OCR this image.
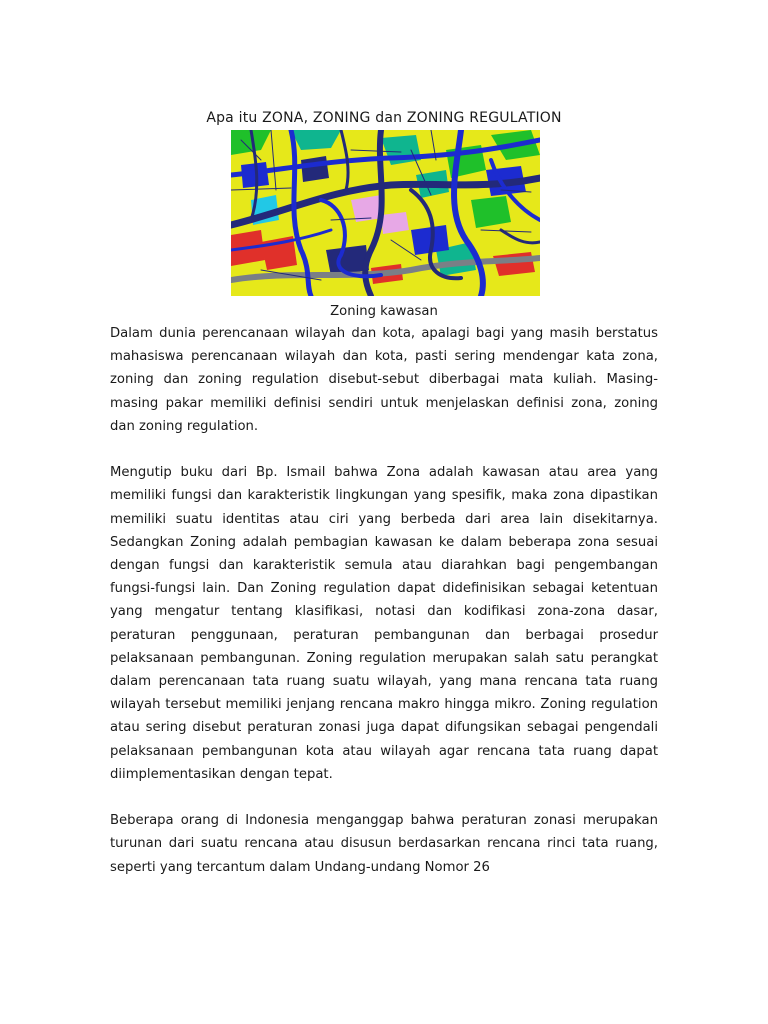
Apa itu ZONA, ZONING dan ZONING REGULATION
Zoning kawasan

Dalam dunia perencanaan wilayah dan kota, apalagi bagi yang masih berstatus mahasiswa perencanaan wilayah dan kota, pasti sering mendengar kata zona, zoning dan zoning regulation disebut-sebut diberbagai mata kuliah. Masing-masing pakar memiliki definisi sendiri untuk menjelaskan definisi zona, zoning dan zoning regulation.

Mengutip buku dari Bp. Ismail bahwa Zona adalah kawasan atau area yang memiliki fungsi dan karakteristik lingkungan yang spesifik, maka zona dipastikan memiliki suatu identitas atau ciri yang berbeda dari area lain disekitarnya. Sedangkan Zoning adalah pembagian kawasan ke dalam beberapa zona sesuai dengan fungsi dan karakteristik semula atau diarahkan bagi pengembangan fungsi-fungsi lain. Dan Zoning regulation dapat didefinisikan sebagai ketentuan yang mengatur tentang klasifikasi, notasi dan kodifikasi zona-zona dasar, peraturan penggunaan, peraturan pembangunan dan berbagai prosedur pelaksanaan pembangunan. Zoning regulation merupakan salah satu perangkat dalam perencanaan tata ruang suatu wilayah, yang mana rencana tata ruang wilayah tersebut memiliki jenjang rencana makro hingga mikro. Zoning regulation atau sering disebut peraturan zonasi juga dapat difungsikan sebagai pengendali pelaksanaan pembangunan kota atau wilayah agar rencana tata ruang dapat diimplementasikan dengan tepat.

Beberapa orang di Indonesia menganggap bahwa peraturan zonasi merupakan turunan dari suatu rencana atau disusun berdasarkan rencana rinci tata ruang, seperti yang tercantum dalam Undang-undang Nomor 26
